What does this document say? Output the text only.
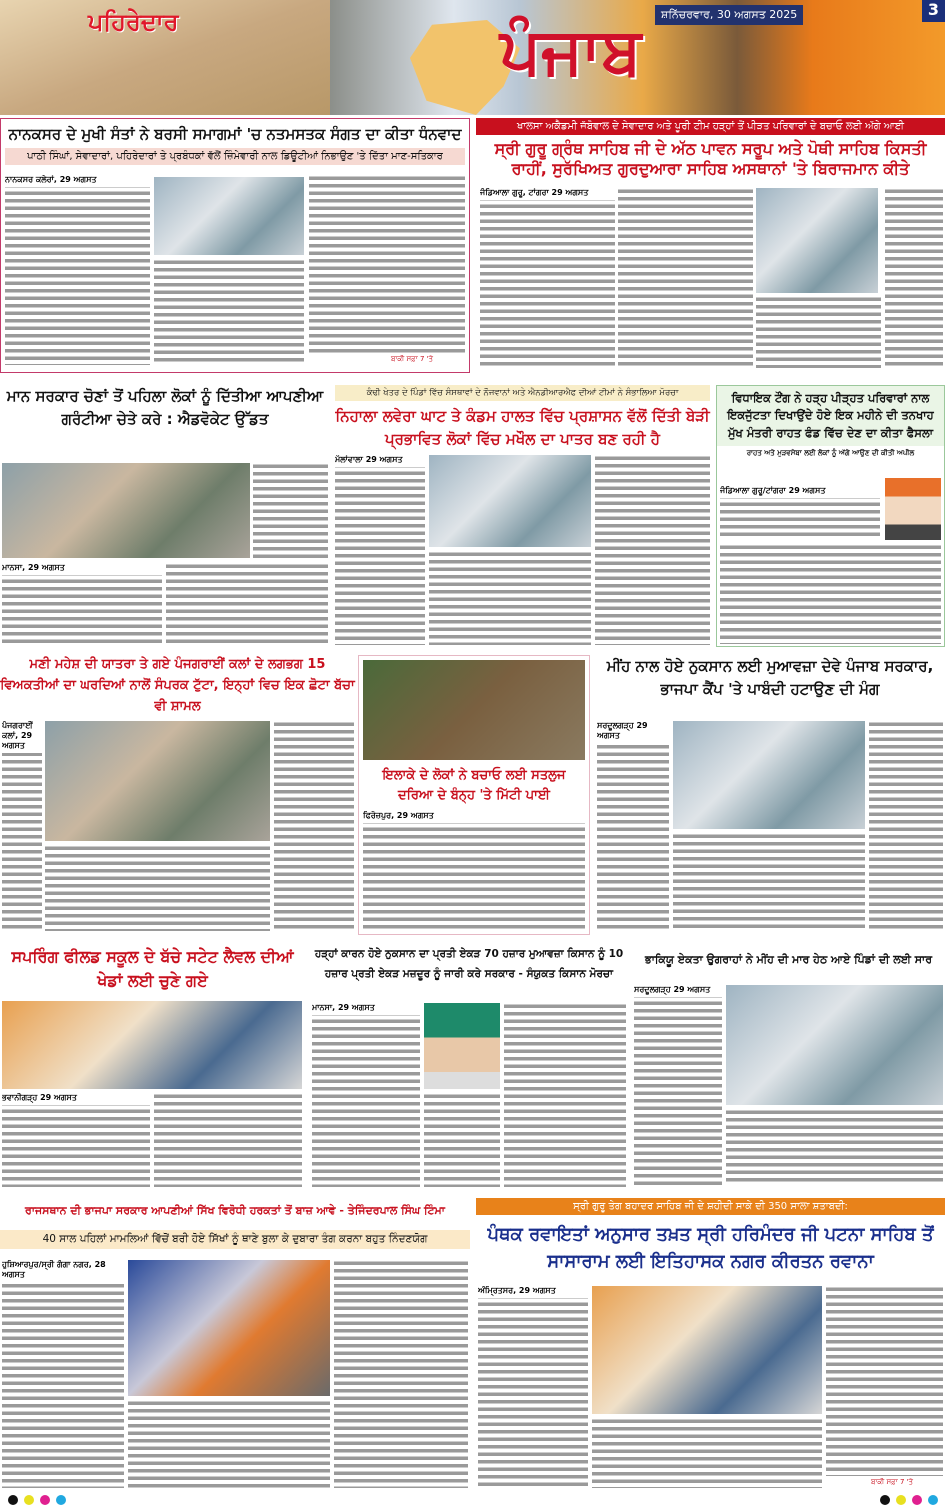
ਪਹਿਰੇਦਾਰ	ਪੰਜਾਬ	ਸ਼ਨਿੱਚਰਵਾਰ, 30 ਅਗਸਤ 2025	3
ਨਾਨਕਸਰ ਦੇ ਮੁਖੀ ਸੰਤਾਂ ਨੇ ਬਰਸੀ ਸਮਾਗਮਾਂ 'ਚ ਨਤਮਸਤਕ ਸੰਗਤ ਦਾ ਕੀਤਾ ਧੰਨਵਾਦ
ਪਾਠੀ ਸਿੰਘਾਂ, ਸੇਵਾਦਾਰਾਂ, ਪਹਿਰੇਦਾਰਾਂ ਤੇ ਪ੍ਰਬੰਧਕਾਂ ਵੱਲੋਂ ਜ਼ਿੰਮੇਵਾਰੀ ਨਾਲ ਡਿਊਟੀਆਂ ਨਿਭਾਉਣ 'ਤੇ ਦਿੱਤਾ ਮਾਣ-ਸਤਿਕਾਰ
ਨਾਨਕਸਰ ਕਲੇਰਾਂ, 29 ਅਗਸਤ
ਬਾਕੀ ਸਫ਼ਾ 7 'ਤੇ
ਖਾਲਸਾ ਅਕੈਡਮੀ ਜੱਬੋਵਾਲ ਦੇ ਸੇਵਾਦਾਰ ਅਤੇ ਪੂਰੀ ਟੀਮ ਹੜ੍ਹਾਂ ਤੋਂ ਪੀੜਤ ਪਰਿਵਾਰਾਂ ਦੇ ਬਚਾਓ ਲਈ ਅੱਗੇ ਆਈ
ਸ੍ਰੀ ਗੁਰੂ ਗ੍ਰੰਥ ਸਾਹਿਬ ਜੀ ਦੇ ਅੱਠ ਪਾਵਨ ਸਰੂਪ ਅਤੇ ਪੋਥੀ ਸਾਹਿਬ ਕਿਸਤੀ ਰਾਹੀਂ, ਸੁਰੱਖਿਅਤ ਗੁਰਦੁਆਰਾ ਸਾਹਿਬ ਅਸਥਾਨਾਂ 'ਤੇ ਬਿਰਾਜਮਾਨ ਕੀਤੇ
ਜੰਡਿਆਲਾ ਗੁਰੂ, ਟਾਂਗਰਾ 29 ਅਗਸਤ
ਮਾਨ ਸਰਕਾਰ ਚੋਣਾਂ ਤੋਂ ਪਹਿਲਾ ਲੋਕਾਂ ਨੂੰ ਦਿੱਤੀਆ ਆਪਣੀਆ ਗਰੰਟੀਆ ਚੇਤੇ ਕਰੇ : ਐਡਵੋਕੇਟ ਉੱਡਤ
ਮਾਨਸਾ, 29 ਅਗਸਤ
ਕੰਢੀ ਖੇਤਰ ਦੇ ਪਿੰਡਾਂ ਵਿੱਚ ਸੰਸਥਾਵਾਂ ਦੇ ਨੌਜਵਾਨਾਂ ਅਤੇ ਐਨਡੀਆਰਐਫ ਦੀਆਂ ਟੀਮਾਂ ਨੇ ਸੰਭਾਲਿਆ ਮੋਰਚਾ
ਨਿਹਾਲਾ ਲਵੇਰਾ ਘਾਟ ਤੇ ਕੰਡਮ ਹਾਲਤ ਵਿੱਚ ਪ੍ਰਸ਼ਾਸਨ ਵੱਲੋਂ ਦਿੱਤੀ ਬੇੜੀ ਪ੍ਰਭਾਵਿਤ ਲੋਕਾਂ ਵਿੱਚ ਮਖੌਲ ਦਾ ਪਾਤਰ ਬਣ ਰਹੀ ਹੈ
ਮੱਲਾਂਵਾਲਾ 29 ਅਗਸਤ
ਵਿਧਾਇਕ ਟੌਂਗ ਨੇ ਹੜ੍ਹ ਪੀੜ੍ਹਤ ਪਰਿਵਾਰਾਂ ਨਾਲ ਇਕਜੁੱਟਤਾ ਦਿਖਾਉਂਦੇ ਹੋਏ ਇਕ ਮਹੀਨੇ ਦੀ ਤਨਖਾਹ ਮੁੱਖ ਮੰਤਰੀ ਰਾਹਤ ਫੰਡ ਵਿੱਚ ਦੇਣ ਦਾ ਕੀਤਾ ਫੈਸਲਾ
ਰਾਹਤ ਅਤੇ ਮੁੜਵਸੇਬਾ ਲਈ ਲੋਕਾਂ ਨੂੰ ਅੱਗੇ ਆਉਣ ਦੀ ਕੀਤੀ ਅਪੀਲ
ਜੰਡਿਆਲਾ ਗੁਰੂ/ਟਾਂਗਰਾ 29 ਅਗਸਤ
ਮਣੀ ਮਹੇਸ਼ ਦੀ ਯਾਤਰਾ ਤੇ ਗਏ ਪੰਜਗਰਾਈਂ ਕਲਾਂ ਦੇ ਲਗਭਗ 15 ਵਿਅਕਤੀਆਂ ਦਾ ਘਰਦਿਆਂ ਨਾਲੋਂ ਸੰਪਰਕ ਟੁੱਟਾ, ਇਨ੍ਹਾਂ ਵਿਚ ਇਕ ਛੋਟਾ ਬੱਚਾ ਵੀ ਸ਼ਾਮਲ
ਪੰਜਗਰਾਈਂ ਕਲਾਂ, 29 ਅਗਸਤ
ਇਲਾਕੇ ਦੇ ਲੋਕਾਂ ਨੇ ਬਚਾਓ ਲਈ ਸਤਲੁਜ ਦਰਿਆ ਦੇ ਬੰਨ੍ਹ 'ਤੇ ਮਿੱਟੀ ਪਾਈ
ਫਿਰੋਜ਼ਪੁਰ, 29 ਅਗਸਤ
ਮੀਂਹ ਨਾਲ ਹੋਏ ਨੁਕਸਾਨ ਲਈ ਮੁਆਵਜ਼ਾ ਦੇਵੇ ਪੰਜਾਬ ਸਰਕਾਰ, ਭਾਜਪਾ ਕੈਂਪ 'ਤੇ ਪਾਬੰਦੀ ਹਟਾਉਣ ਦੀ ਮੰਗ
ਸਰਦੂਲਗੜ੍ਹ 29 ਅਗਸਤ
ਸਪਰਿੰਗ ਫੀਲਡ ਸਕੂਲ ਦੇ ਬੱਚੇ ਸਟੇਟ ਲੈਵਲ ਦੀਆਂ ਖੇਡਾਂ ਲਈ ਚੁਣੇ ਗਏ
ਭਵਾਨੀਗੜ੍ਹ 29 ਅਗਸਤ
ਹੜ੍ਹਾਂ ਕਾਰਨ ਹੋਏ ਨੁਕਸਾਨ ਦਾ ਪ੍ਰਤੀ ਏਕੜ 70 ਹਜ਼ਾਰ ਮੁਆਵਜ਼ਾ ਕਿਸਾਨ ਨੂੰ 10 ਹਜ਼ਾਰ ਪ੍ਰਤੀ ਏਕੜ ਮਜ਼ਦੂਰ ਨੂੰ ਜਾਰੀ ਕਰੇ ਸਰਕਾਰ - ਸੰਯੁਕਤ ਕਿਸਾਨ ਮੋਰਚਾ
ਮਾਨਸਾ, 29 ਅਗਸਤ
ਭਾਕਿਯੂ ਏਕਤਾ ਉਗਰਾਹਾਂ ਨੇ ਮੀਂਹ ਦੀ ਮਾਰ ਹੇਠ ਆਏ ਪਿੰਡਾਂ ਦੀ ਲਈ ਸਾਰ
ਸਰਦੂਲਗੜ੍ਹ 29 ਅਗਸਤ
ਰਾਜਸਥਾਨ ਦੀ ਭਾਜਪਾ ਸਰਕਾਰ ਆਪਣੀਆਂ ਸਿੱਖ ਵਿਰੋਧੀ ਹਰਕਤਾਂ ਤੋਂ ਬਾਜ਼ ਆਵੇ - ਤੇਜਿੰਦਰਪਾਲ ਸਿੰਘ ਟਿੰਮਾ
40 ਸਾਲ ਪਹਿਲਾਂ ਮਾਮਲਿਆਂ ਵਿੱਚੋਂ ਬਰੀ ਹੋਏ ਸਿੱਖਾਂ ਨੂੰ ਥਾਣੇ ਬੁਲਾ ਕੇ ਦੁਬਾਰਾ ਤੰਗ ਕਰਨਾ ਬਹੁਤ ਨਿੰਦਣਯੋਗ
ਹੁਸ਼ਿਆਰਪੁਰ/ਸ੍ਰੀ ਗੰਗਾ ਨਗਰ, 28 ਅਗਸਤ
ਸ੍ਰੀ ਗੁਰੂ ਤੇਗ ਬਹਾਦਰ ਸਾਹਿਬ ਜੀ ਦੇ ਸ਼ਹੀਦੀ ਸਾਕੇ ਦੀ 350 ਸਾਲਾ ਸ਼ਤਾਬਦੀ:
ਪੰਥਕ ਰਵਾਇਤਾਂ ਅਨੁਸਾਰ ਤਖ਼ਤ ਸ੍ਰੀ ਹਰਿਮੰਦਰ ਜੀ ਪਟਨਾ ਸਾਹਿਬ ਤੋਂ ਸਾਸਾਰਾਮ ਲਈ ਇਤਿਹਾਸਕ ਨਗਰ ਕੀਰਤਨ ਰਵਾਨਾ
ਅੰਮ੍ਰਿਤਸਰ, 29 ਅਗਸਤ
ਬਾਕੀ ਸਫ਼ਾ 7 'ਤੇ
